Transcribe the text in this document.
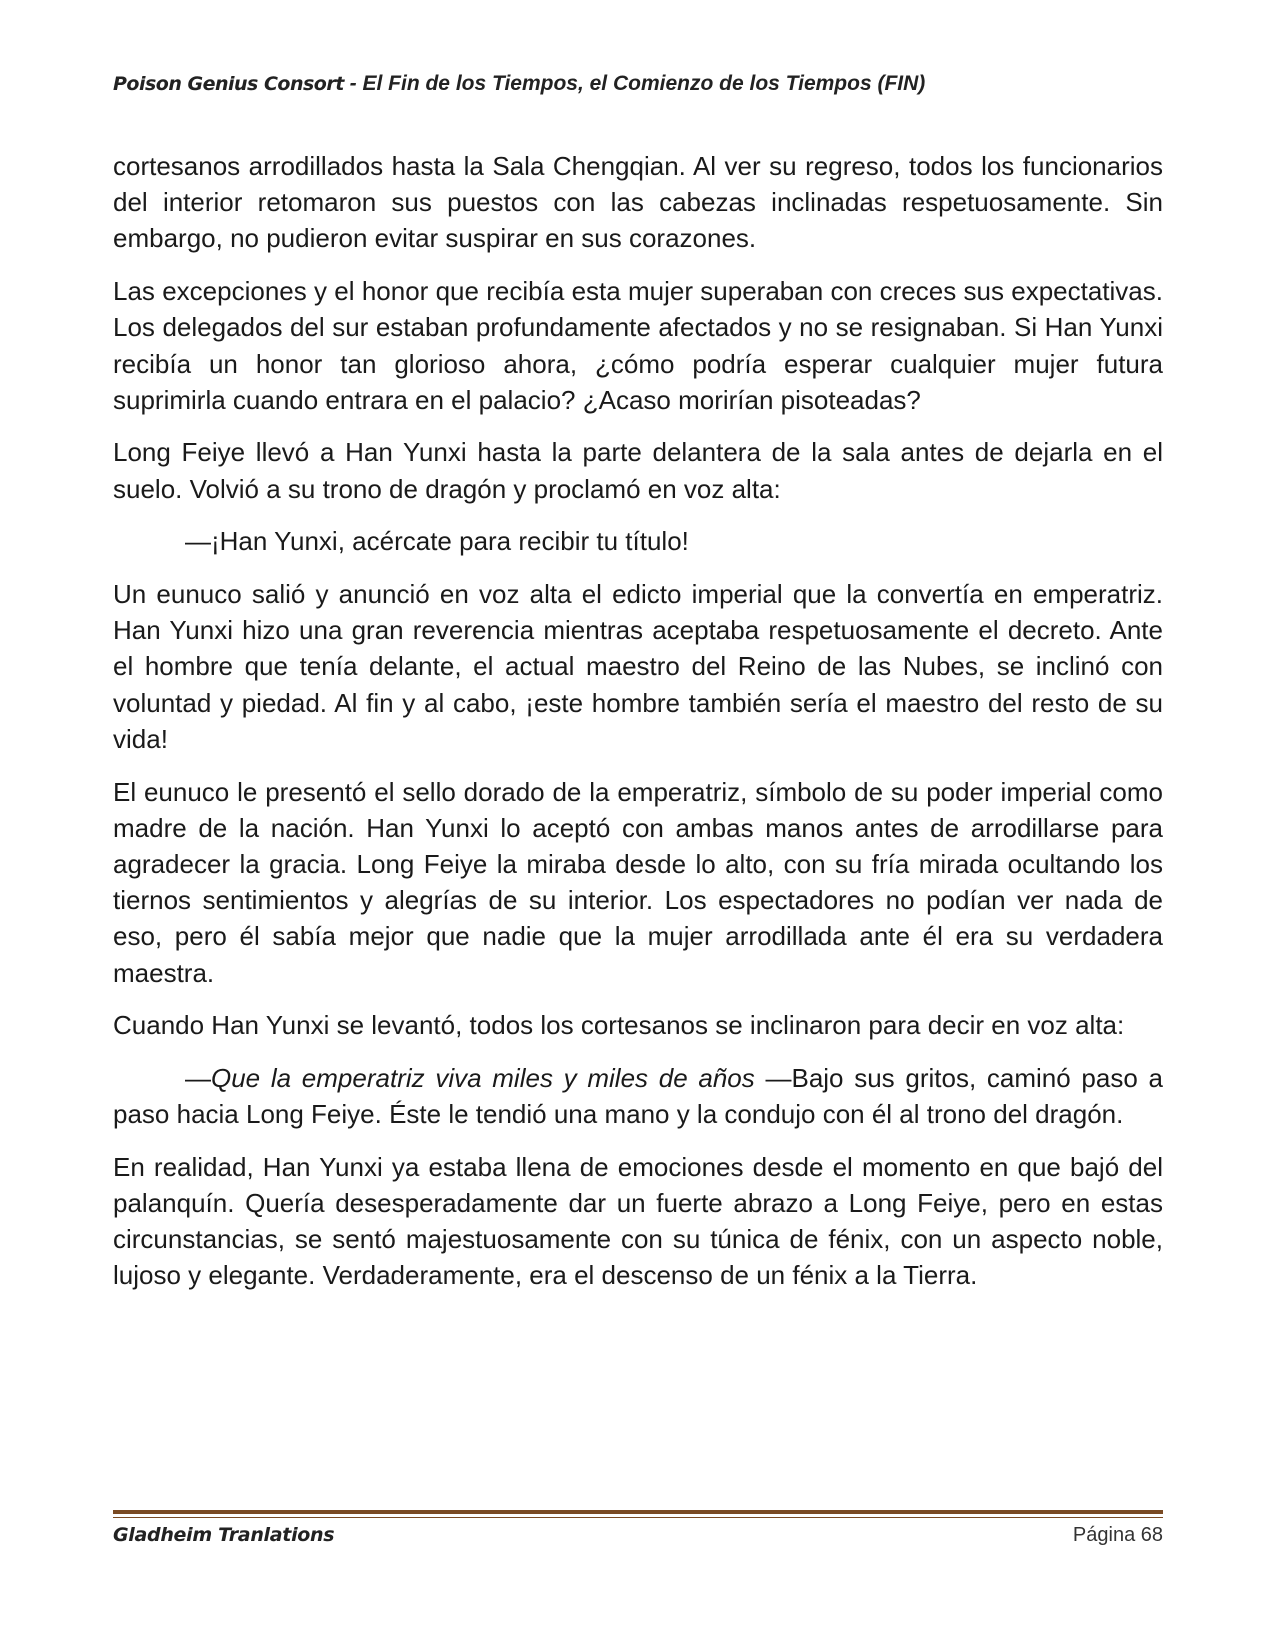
Poison Genius Consort - El Fin de los Tiempos, el Comienzo de los Tiempos (FIN)

cortesanos arrodillados hasta la Sala Chengqian. Al ver su regreso, todos los funcionarios del interior retomaron sus puestos con las cabezas inclinadas respetuosamente. Sin embargo, no pudieron evitar suspirar en sus corazones.

Las excepciones y el honor que recibía esta mujer superaban con creces sus expectativas. Los delegados del sur estaban profundamente afectados y no se resignaban. Si Han Yunxi recibía un honor tan glorioso ahora, ¿cómo podría esperar cualquier mujer futura suprimirla cuando entrara en el palacio? ¿Acaso morirían pisoteadas?

Long Feiye llevó a Han Yunxi hasta la parte delantera de la sala antes de dejarla en el suelo. Volvió a su trono de dragón y proclamó en voz alta:

—¡Han Yunxi, acércate para recibir tu título!

Un eunuco salió y anunció en voz alta el edicto imperial que la convertía en emperatriz. Han Yunxi hizo una gran reverencia mientras aceptaba respetuosamente el decreto. Ante el hombre que tenía delante, el actual maestro del Reino de las Nubes, se inclinó con voluntad y piedad. Al fin y al cabo, ¡este hombre también sería el maestro del resto de su vida!

El eunuco le presentó el sello dorado de la emperatriz, símbolo de su poder imperial como madre de la nación. Han Yunxi lo aceptó con ambas manos antes de arrodillarse para agradecer la gracia. Long Feiye la miraba desde lo alto, con su fría mirada ocultando los tiernos sentimientos y alegrías de su interior. Los espectadores no podían ver nada de eso, pero él sabía mejor que nadie que la mujer arrodillada ante él era su verdadera maestra.

Cuando Han Yunxi se levantó, todos los cortesanos se inclinaron para decir en voz alta:

—Que la emperatriz viva miles y miles de años —Bajo sus gritos, caminó paso a paso hacia Long Feiye. Éste le tendió una mano y la condujo con él al trono del dragón.

En realidad, Han Yunxi ya estaba llena de emociones desde el momento en que bajó del palanquín. Quería desesperadamente dar un fuerte abrazo a Long Feiye, pero en estas circunstancias, se sentó majestuosamente con su túnica de fénix, con un aspecto noble, lujoso y elegante. Verdaderamente, era el descenso de un fénix a la Tierra.

Gladheim Tranlations	Página 68
